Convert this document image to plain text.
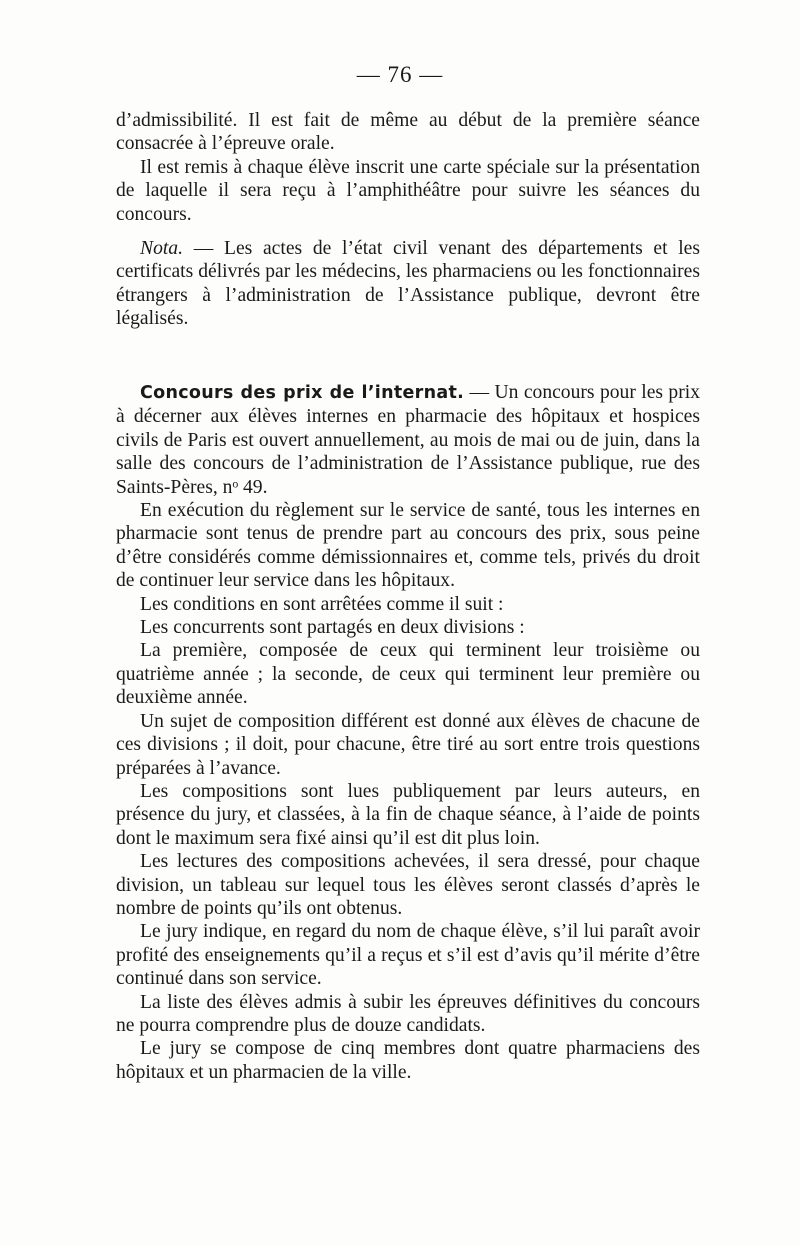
— 76 —

d’admissibilité. Il est fait de même au début de la première séance consacrée à l’épreuve orale.

Il est remis à chaque élève inscrit une carte spéciale sur la présentation de laquelle il sera reçu à l’amphithéâtre pour suivre les séances du concours.

Nota. — Les actes de l’état civil venant des départements et les certificats délivrés par les médecins, les pharmaciens ou les fonctionnaires étrangers à l’administration de l’Assistance publique, devront être légalisés.

Concours des prix de l’internat. — Un concours pour les prix à décerner aux élèves internes en pharmacie des hôpitaux et hospices civils de Paris est ouvert annuellement, au mois de mai ou de juin, dans la salle des concours de l’administration de l’Assistance publique, rue des Saints-Pères, nᵒ 49.

En exécution du règlement sur le service de santé, tous les internes en pharmacie sont tenus de prendre part au concours des prix, sous peine d’être considérés comme démissionnaires et, comme tels, privés du droit de continuer leur service dans les hôpitaux.

Les conditions en sont arrêtées comme il suit :

Les concurrents sont partagés en deux divisions :

La première, composée de ceux qui terminent leur troisième ou quatrième année ; la seconde, de ceux qui terminent leur première ou deuxième année.

Un sujet de composition différent est donné aux élèves de chacune de ces divisions ; il doit, pour chacune, être tiré au sort entre trois questions préparées à l’avance.

Les compositions sont lues publiquement par leurs auteurs, en présence du jury, et classées, à la fin de chaque séance, à l’aide de points dont le maximum sera fixé ainsi qu’il est dit plus loin.

Les lectures des compositions achevées, il sera dressé, pour chaque division, un tableau sur lequel tous les élèves seront classés d’après le nombre de points qu’ils ont obtenus.

Le jury indique, en regard du nom de chaque élève, s’il lui paraît avoir profité des enseignements qu’il a reçus et s’il est d’avis qu’il mérite d’être continué dans son service.

La liste des élèves admis à subir les épreuves définitives du concours ne pourra comprendre plus de douze candidats.

Le jury se compose de cinq membres dont quatre pharmaciens des hôpitaux et un pharmacien de la ville.
